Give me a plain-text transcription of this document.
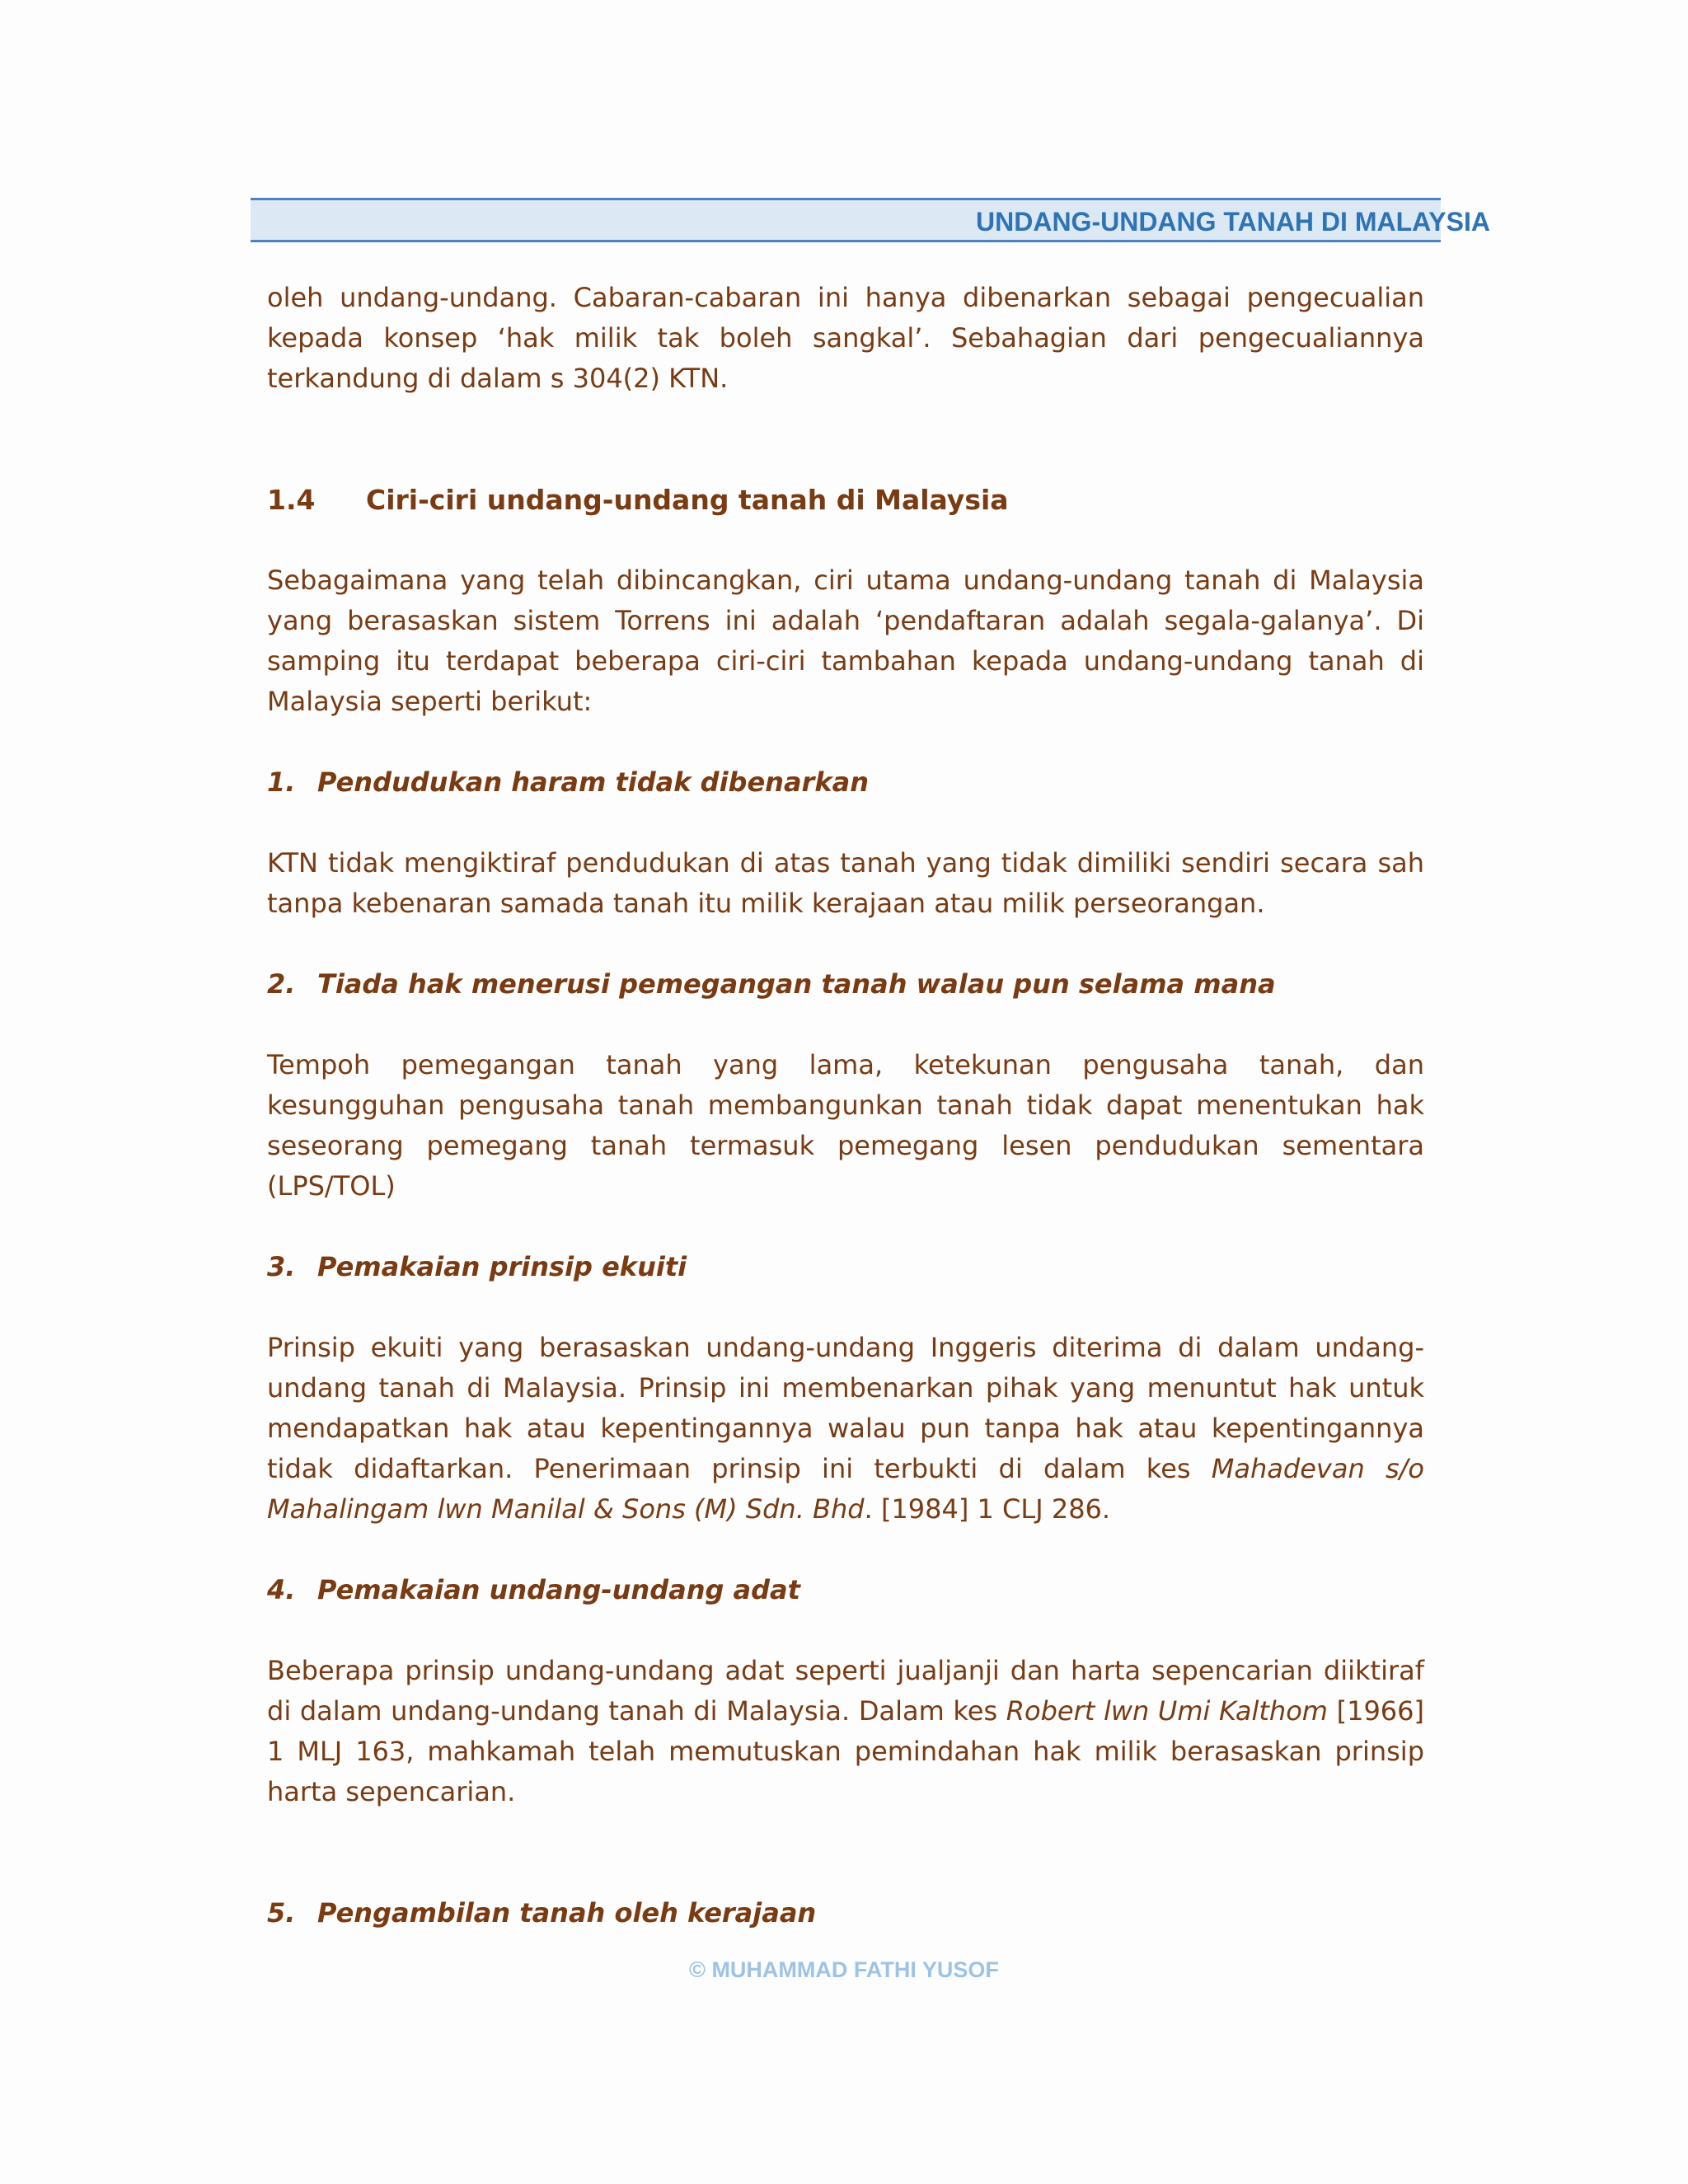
UNDANG-UNDANG TANAH DI MALAYSIA

oleh undang-undang. Cabaran-cabaran ini hanya dibenarkan sebagai pengecualian kepada konsep ‘hak milik tak boleh sangkal’. Sebahagian dari pengecualiannya terkandung di dalam s 304(2) KTN.

1.4	Ciri-ciri undang-undang tanah di Malaysia

Sebagaimana yang telah dibincangkan, ciri utama undang-undang tanah di Malaysia yang berasaskan sistem Torrens ini adalah ‘pendaftaran adalah segala-galanya’. Di samping itu terdapat beberapa ciri-ciri tambahan kepada undang-undang tanah di Malaysia seperti berikut:

1. Pendudukan haram tidak dibenarkan

KTN tidak mengiktiraf pendudukan di atas tanah yang tidak dimiliki sendiri secara sah tanpa kebenaran samada tanah itu milik kerajaan atau milik perseorangan.

2. Tiada hak menerusi pemegangan tanah walau pun selama mana

Tempoh pemegangan tanah yang lama, ketekunan pengusaha tanah, dan kesungguhan pengusaha tanah membangunkan tanah tidak dapat menentukan hak seseorang pemegang tanah termasuk pemegang lesen pendudukan sementara (LPS/TOL)

3. Pemakaian prinsip ekuiti

Prinsip ekuiti yang berasaskan undang-undang Inggeris diterima di dalam undang-undang tanah di Malaysia. Prinsip ini membenarkan pihak yang menuntut hak untuk mendapatkan hak atau kepentingannya walau pun tanpa hak atau kepentingannya tidak didaftarkan. Penerimaan prinsip ini terbukti di dalam kes Mahadevan s/o Mahalingam lwn Manilal & Sons (M) Sdn. Bhd. [1984] 1 CLJ 286.

4. Pemakaian undang-undang adat

Beberapa prinsip undang-undang adat seperti jualjanji dan harta sepencarian diiktiraf di dalam undang-undang tanah di Malaysia. Dalam kes Robert lwn Umi Kalthom [1966] 1 MLJ 163, mahkamah telah memutuskan pemindahan hak milik berasaskan prinsip harta sepencarian.

5. Pengambilan tanah oleh kerajaan

© MUHAMMAD FATHI YUSOF
